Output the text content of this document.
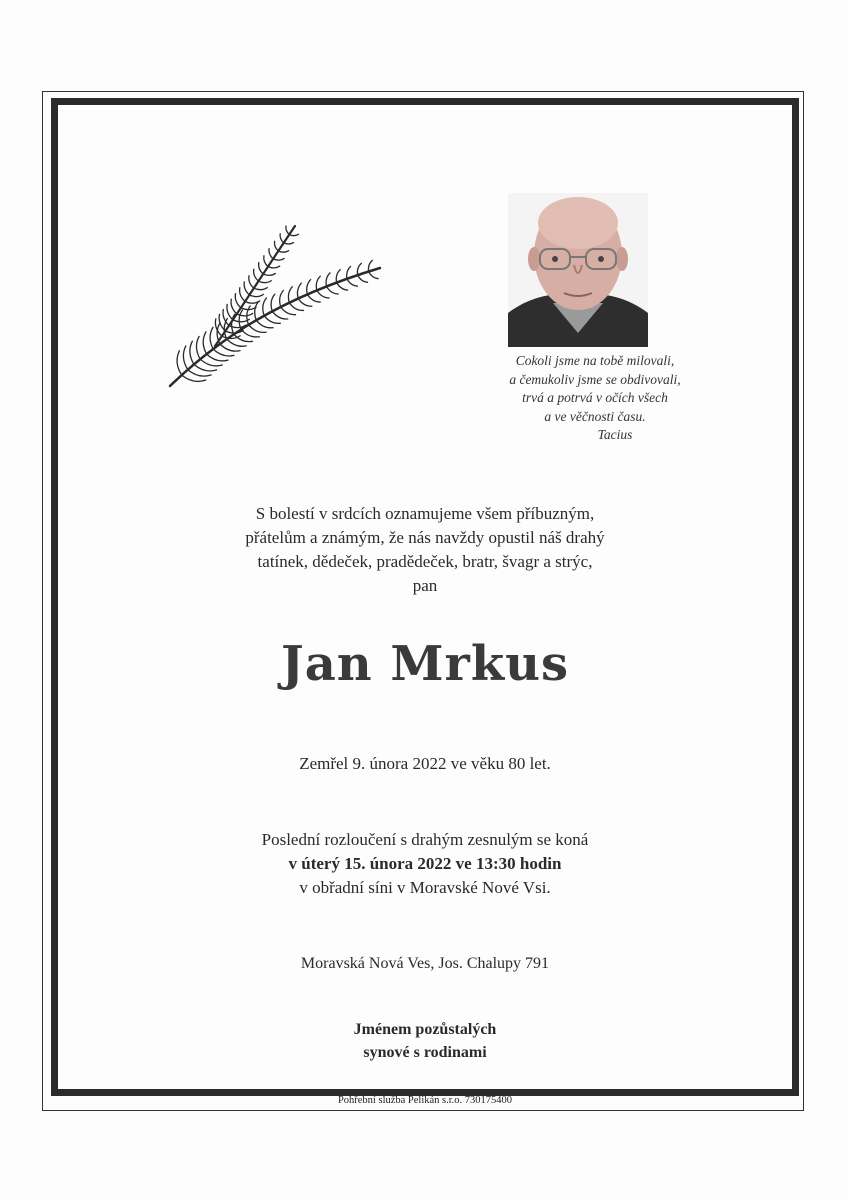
Cokoli jsme na tobě milovali,
a čemukoliv jsme se obdivovali,
trvá a potrvá v očích všech
a ve věčnosti času.
Tacius
S bolestí v srdcích oznamujeme všem příbuzným,
přátelům a známým, že nás navždy opustil náš drahý
tatínek, dědeček, pradědeček, bratr, švagr a strýc,
pan
Jan Mrkus
Zemřel 9. února 2022 ve věku 80 let.
Poslední rozloučení s drahým zesnulým se koná
v úterý 15. února 2022 ve 13:30 hodin
v obřadní síni v Moravské Nové Vsi.
Moravská Nová Ves, Jos. Chalupy 791
Jménem pozůstalých
synové s rodinami
Pohřební služba Pelikán s.r.o. 730175400
